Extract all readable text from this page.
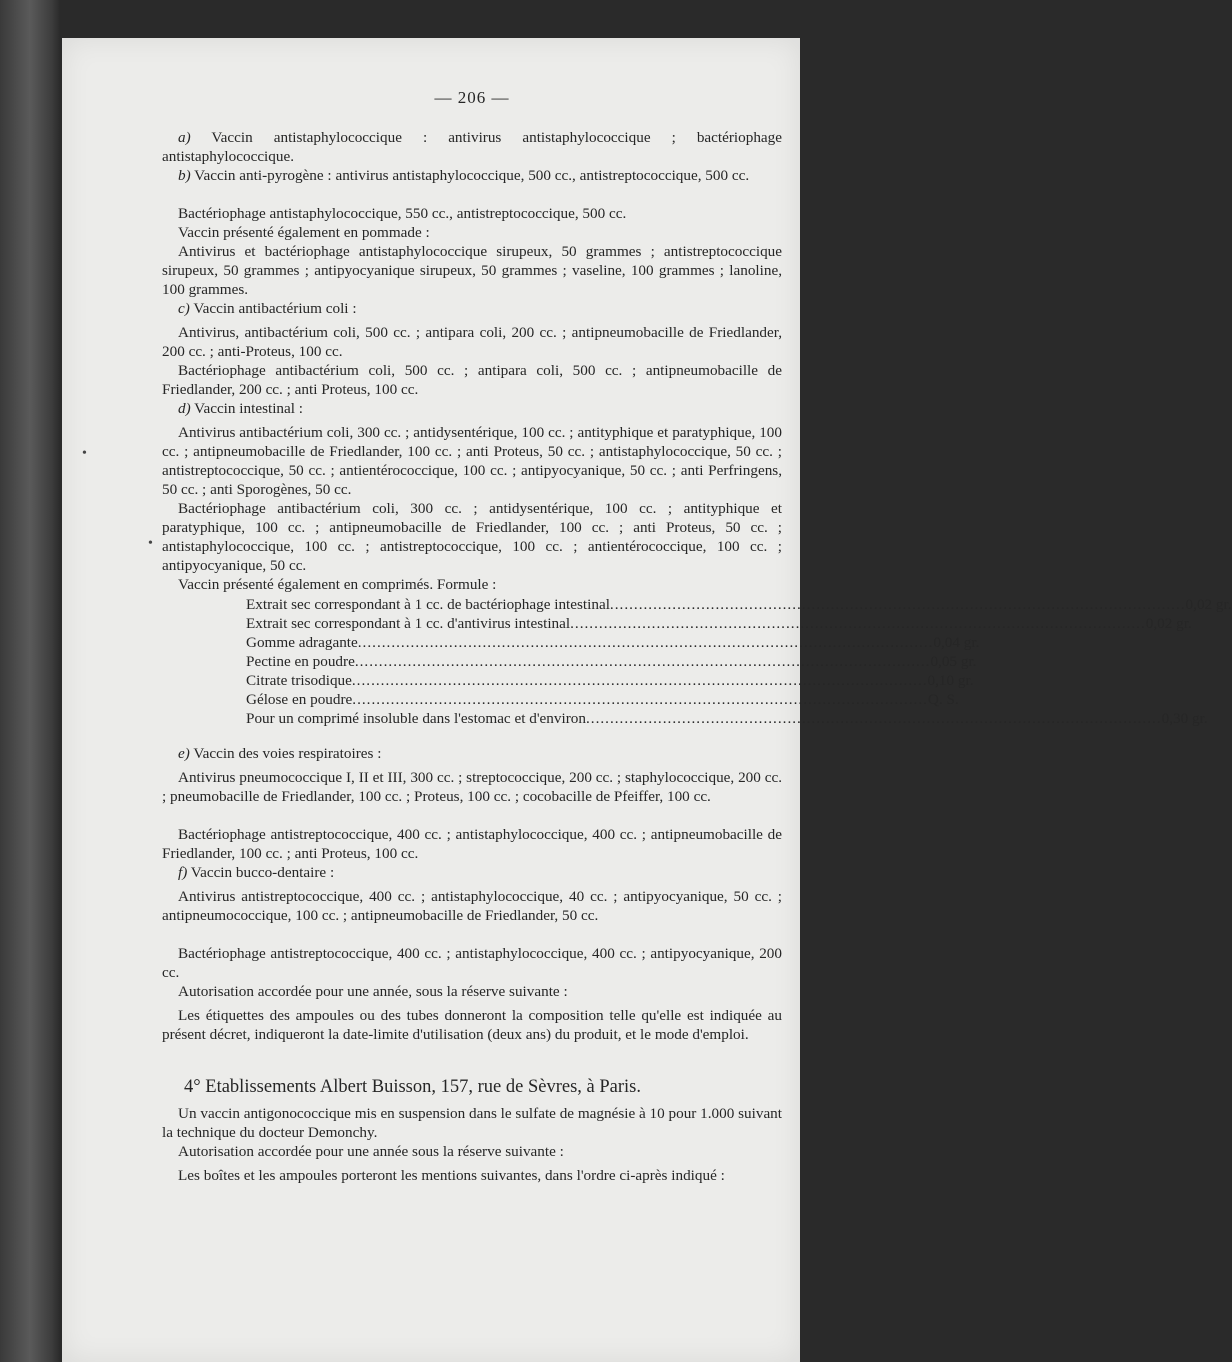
— 206 —
a) Vaccin antistaphylococcique : antivirus antistaphylococcique ; bactériophage antistaphylococcique.
b) Vaccin anti-pyrogène : antivirus antistaphylococcique, 500 cc., antistreptococcique, 500 cc.
Bactériophage antistaphylococcique, 550 cc., antistreptococcique, 500 cc.
Vaccin présenté également en pommade :
Antivirus et bactériophage antistaphylococcique sirupeux, 50 grammes ; antistreptococcique sirupeux, 50 grammes ; antipyocyanique sirupeux, 50 grammes ; vaseline, 100 grammes ; lanoline, 100 grammes.
c) Vaccin antibactérium coli :
Antivirus, antibactérium coli, 500 cc. ; antipara coli, 200 cc. ; antipneumobacille de Friedlander, 200 cc. ; anti-Proteus, 100 cc.
Bactériophage antibactérium coli, 500 cc. ; antipara coli, 500 cc. ; antipneumobacille de Friedlander, 200 cc. ; anti Proteus, 100 cc.
d) Vaccin intestinal :
Antivirus antibactérium coli, 300 cc. ; antidysentérique, 100 cc. ; antityphique et paratyphique, 100 cc. ; antipneumobacille de Friedlander, 100 cc. ; anti Proteus, 50 cc. ; antistaphylococcique, 50 cc. ; antistreptococcique, 50 cc. ; antientérococcique, 100 cc. ; antipyocyanique, 50 cc. ; anti Perfringens, 50 cc. ; anti Sporogènes, 50 cc.
Bactériophage antibactérium coli, 300 cc. ; antidysentérique, 100 cc. ; antityphique et paratyphique, 100 cc. ; antipneumobacille de Friedlander, 100 cc. ; anti Proteus, 50 cc. ; antistaphylococcique, 100 cc. ; antistreptococcique, 100 cc. ; antientérococcique, 100 cc. ; antipyocyanique, 50 cc.
Vaccin présenté également en comprimés. Formule :
Extrait sec correspondant à 1 cc. de bactériophage intestinal ........................................................................................................................ 0,02 gr.
Extrait sec correspondant à 1 cc. d'antivirus intestinal ........................................................................................................................ 0,02 gr.
Gomme adragante ........................................................................................................................ 0,04 gr.
Pectine en poudre ........................................................................................................................ 0,05 gr.
Citrate trisodique ........................................................................................................................ 0,10 gr.
Gélose en poudre ........................................................................................................................ Q. S.
Pour un comprimé insoluble dans l'estomac et d'environ ........................................................................................................................ 0,30 gr.
e) Vaccin des voies respiratoires :
Antivirus pneumococcique I, II et III, 300 cc. ; streptococcique, 200 cc. ; staphylococcique, 200 cc. ; pneumobacille de Friedlander, 100 cc. ; Proteus, 100 cc. ; cocobacille de Pfeiffer, 100 cc.
Bactériophage antistreptococcique, 400 cc. ; antistaphylococcique, 400 cc. ; antipneumobacille de Friedlander, 100 cc. ; anti Proteus, 100 cc.
f) Vaccin bucco-dentaire :
Antivirus antistreptococcique, 400 cc. ; antistaphylococcique, 40 cc. ; antipyocyanique, 50 cc. ; antipneumococcique, 100 cc. ; antipneumobacille de Friedlander, 50 cc.
Bactériophage antistreptococcique, 400 cc. ; antistaphylococcique, 400 cc. ; antipyocyanique, 200 cc.
Autorisation accordée pour une année, sous la réserve suivante :
Les étiquettes des ampoules ou des tubes donneront la composition telle qu'elle est indiquée au présent décret, indiqueront la date-limite d'utilisation (deux ans) du produit, et le mode d'emploi.
4° Etablissements Albert Buisson, 157, rue de Sèvres, à Paris.
Un vaccin antigonococcique mis en suspension dans le sulfate de magnésie à 10 pour 1.000 suivant la technique du docteur Demonchy.
Autorisation accordée pour une année sous la réserve suivante :
Les boîtes et les ampoules porteront les mentions suivantes, dans l'ordre ci-après indiqué :
•
•
